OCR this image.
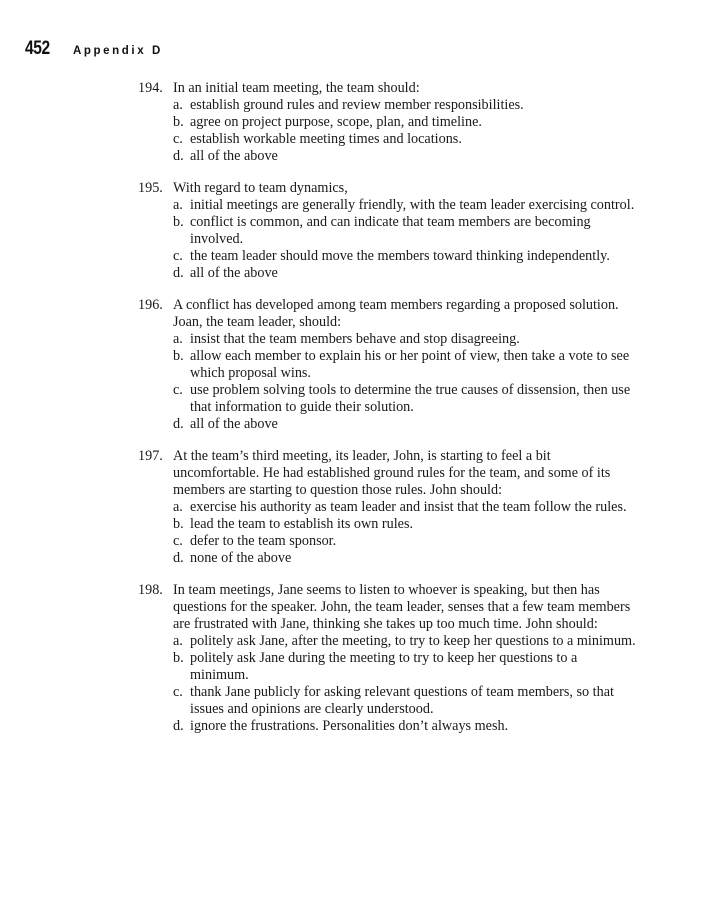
452 Appendix D
194. In an initial team meeting, the team should:
a. establish ground rules and review member responsibilities.
b. agree on project purpose, scope, plan, and timeline.
c. establish workable meeting times and locations.
d. all of the above
195. With regard to team dynamics,
a. initial meetings are generally friendly, with the team leader exercising control.
b. conflict is common, and can indicate that team members are becoming involved.
c. the team leader should move the members toward thinking independently.
d. all of the above
196. A conflict has developed among team members regarding a proposed solution. Joan, the team leader, should:
a. insist that the team members behave and stop disagreeing.
b. allow each member to explain his or her point of view, then take a vote to see which proposal wins.
c. use problem solving tools to determine the true causes of dissension, then use that information to guide their solution.
d. all of the above
197. At the team’s third meeting, its leader, John, is starting to feel a bit uncomfortable. He had established ground rules for the team, and some of its members are starting to question those rules. John should:
a. exercise his authority as team leader and insist that the team follow the rules.
b. lead the team to establish its own rules.
c. defer to the team sponsor.
d. none of the above
198. In team meetings, Jane seems to listen to whoever is speaking, but then has questions for the speaker. John, the team leader, senses that a few team members are frustrated with Jane, thinking she takes up too much time. John should:
a. politely ask Jane, after the meeting, to try to keep her questions to a minimum.
b. politely ask Jane during the meeting to try to keep her questions to a minimum.
c. thank Jane publicly for asking relevant questions of team members, so that issues and opinions are clearly understood.
d. ignore the frustrations. Personalities don’t always mesh.
